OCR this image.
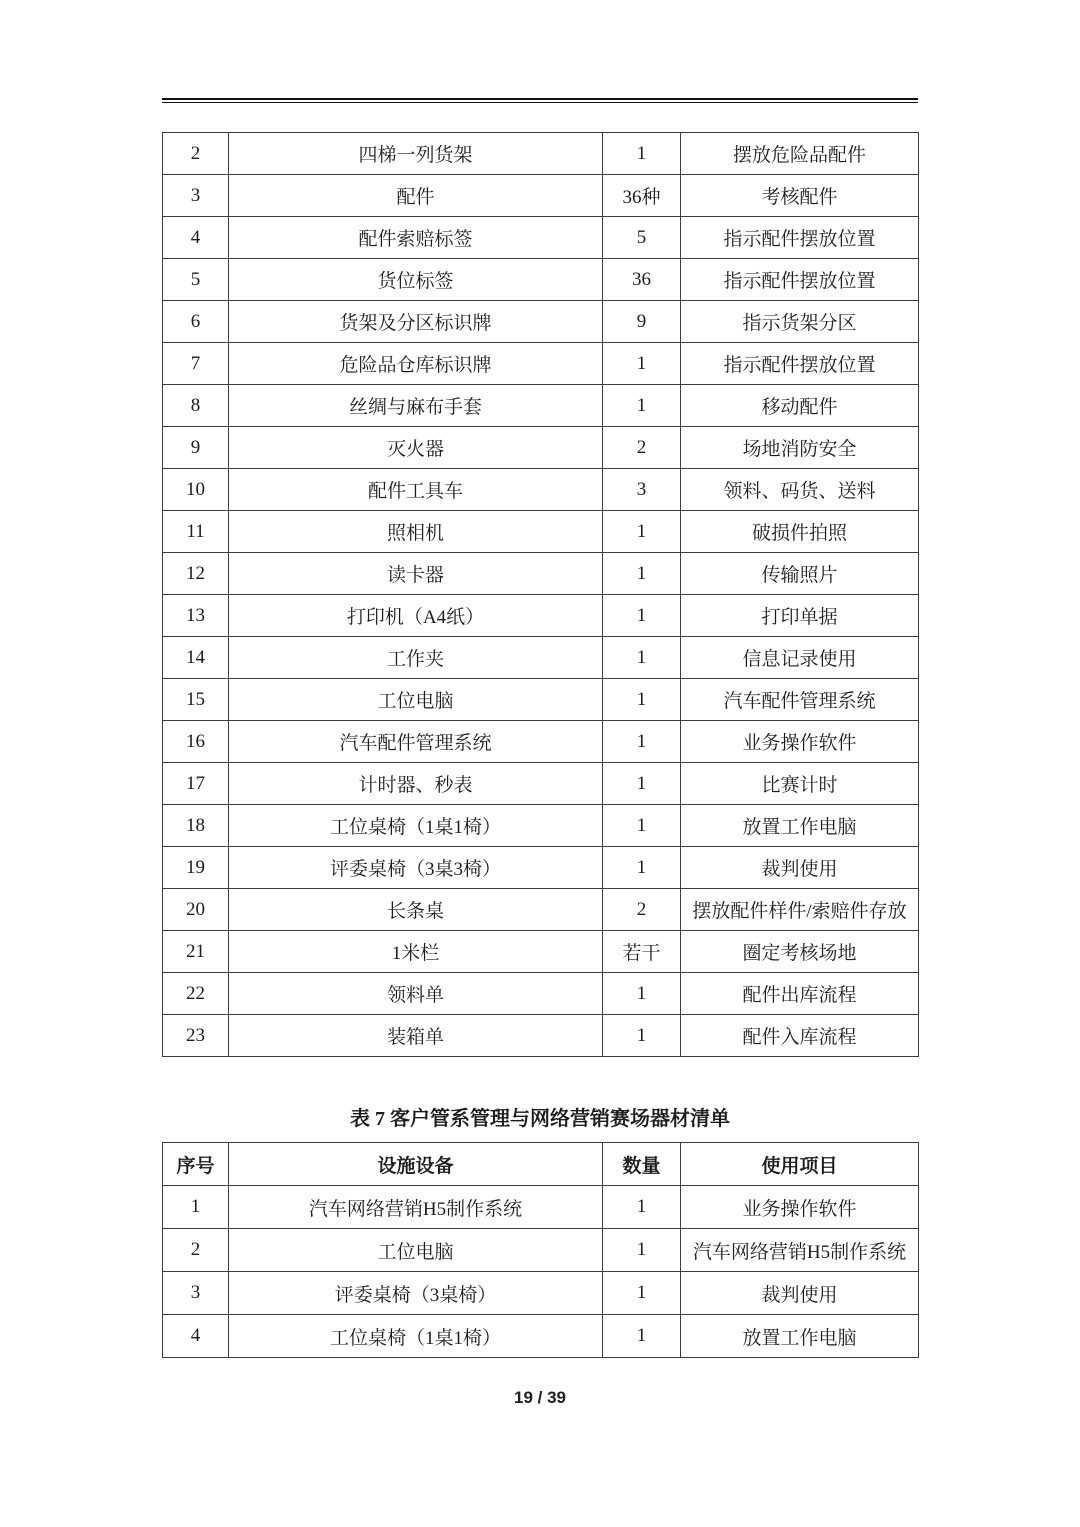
2	四梯一列货架	1	摆放危险品配件
3	配件	36种	考核配件
4	配件索赔标签	5	指示配件摆放位置
5	货位标签	36	指示配件摆放位置
6	货架及分区标识牌	9	指示货架分区
7	危险品仓库标识牌	1	指示配件摆放位置
8	丝绸与麻布手套	1	移动配件
9	灭火器	2	场地消防安全
10	配件工具车	3	领料、码货、送料
11	照相机	1	破损件拍照
12	读卡器	1	传输照片
13	打印机（A4纸）	1	打印单据
14	工作夹	1	信息记录使用
15	工位电脑	1	汽车配件管理系统
16	汽车配件管理系统	1	业务操作软件
17	计时器、秒表	1	比赛计时
18	工位桌椅（1桌1椅）	1	放置工作电脑
19	评委桌椅（3桌3椅）	1	裁判使用
20	长条桌	2	摆放配件样件/索赔件存放
21	1米栏	若干	圈定考核场地
22	领料单	1	配件出库流程
23	装箱单	1	配件入库流程
表 7 客户管系管理与网络营销赛场器材清单
序号	设施设备	数量	使用项目
1	汽车网络营销H5制作系统	1	业务操作软件
2	工位电脑	1	汽车网络营销H5制作系统
3	评委桌椅（3桌椅）	1	裁判使用
4	工位桌椅（1桌1椅）	1	放置工作电脑
19 / 39
